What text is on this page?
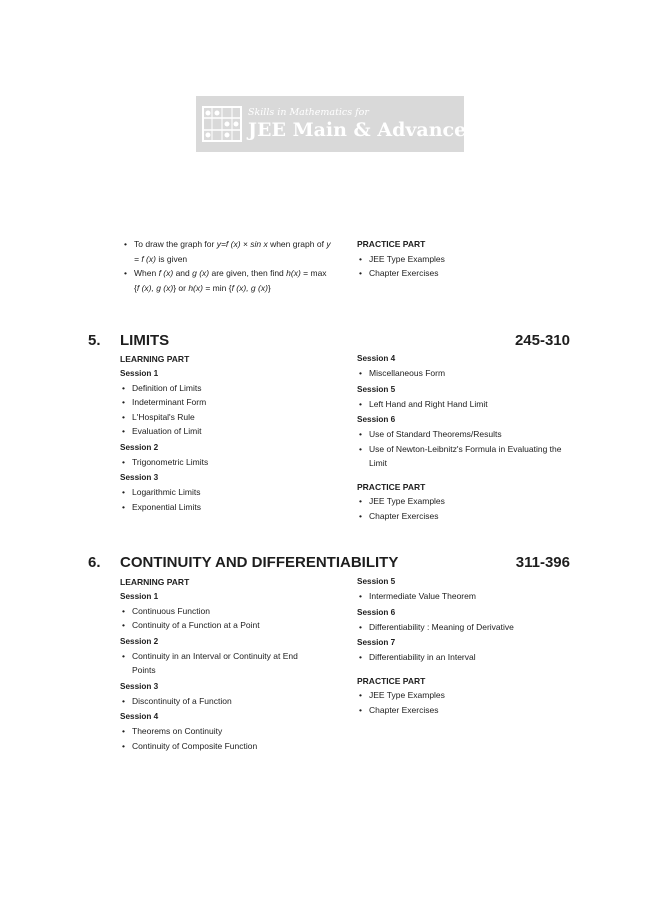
Skills in Mathematics for
JEE Main & Advanced
• To draw the graph for y=f (x) × sin x when graph of y = f (x) is given
• When f (x) and g (x) are given, then find h(x) = max {f (x), g (x)} or h(x) = min {f (x), g (x)}
PRACTICE PART
• JEE Type Examples
• Chapter Exercises
5. LIMITS	245-310
LEARNING PART
Session 1
• Definition of Limits
• Indeterminant Form
• L'Hospital's Rule
• Evaluation of Limit
Session 2
• Trigonometric Limits
Session 3
• Logarithmic Limits
• Exponential Limits
Session 4
• Miscellaneous Form
Session 5
• Left Hand and Right Hand Limit
Session 6
• Use of Standard Theorems/Results
• Use of Newton-Leibnitz's Formula in Evaluating the Limit
PRACTICE PART
• JEE Type Examples
• Chapter Exercises
6. CONTINUITY AND DIFFERENTIABILITY	311-396
LEARNING PART
Session 1
• Continuous Function
• Continuity of a Function at a Point
Session 2
• Continuity in an Interval or Continuity at End Points
Session 3
• Discontinuity of a Function
Session 4
• Theorems on Continuity
• Continuity of Composite Function
Session 5
• Intermediate Value Theorem
Session 6
• Differentiability : Meaning of Derivative
Session 7
• Differentiability in an Interval
PRACTICE PART
• JEE Type Examples
• Chapter Exercises
